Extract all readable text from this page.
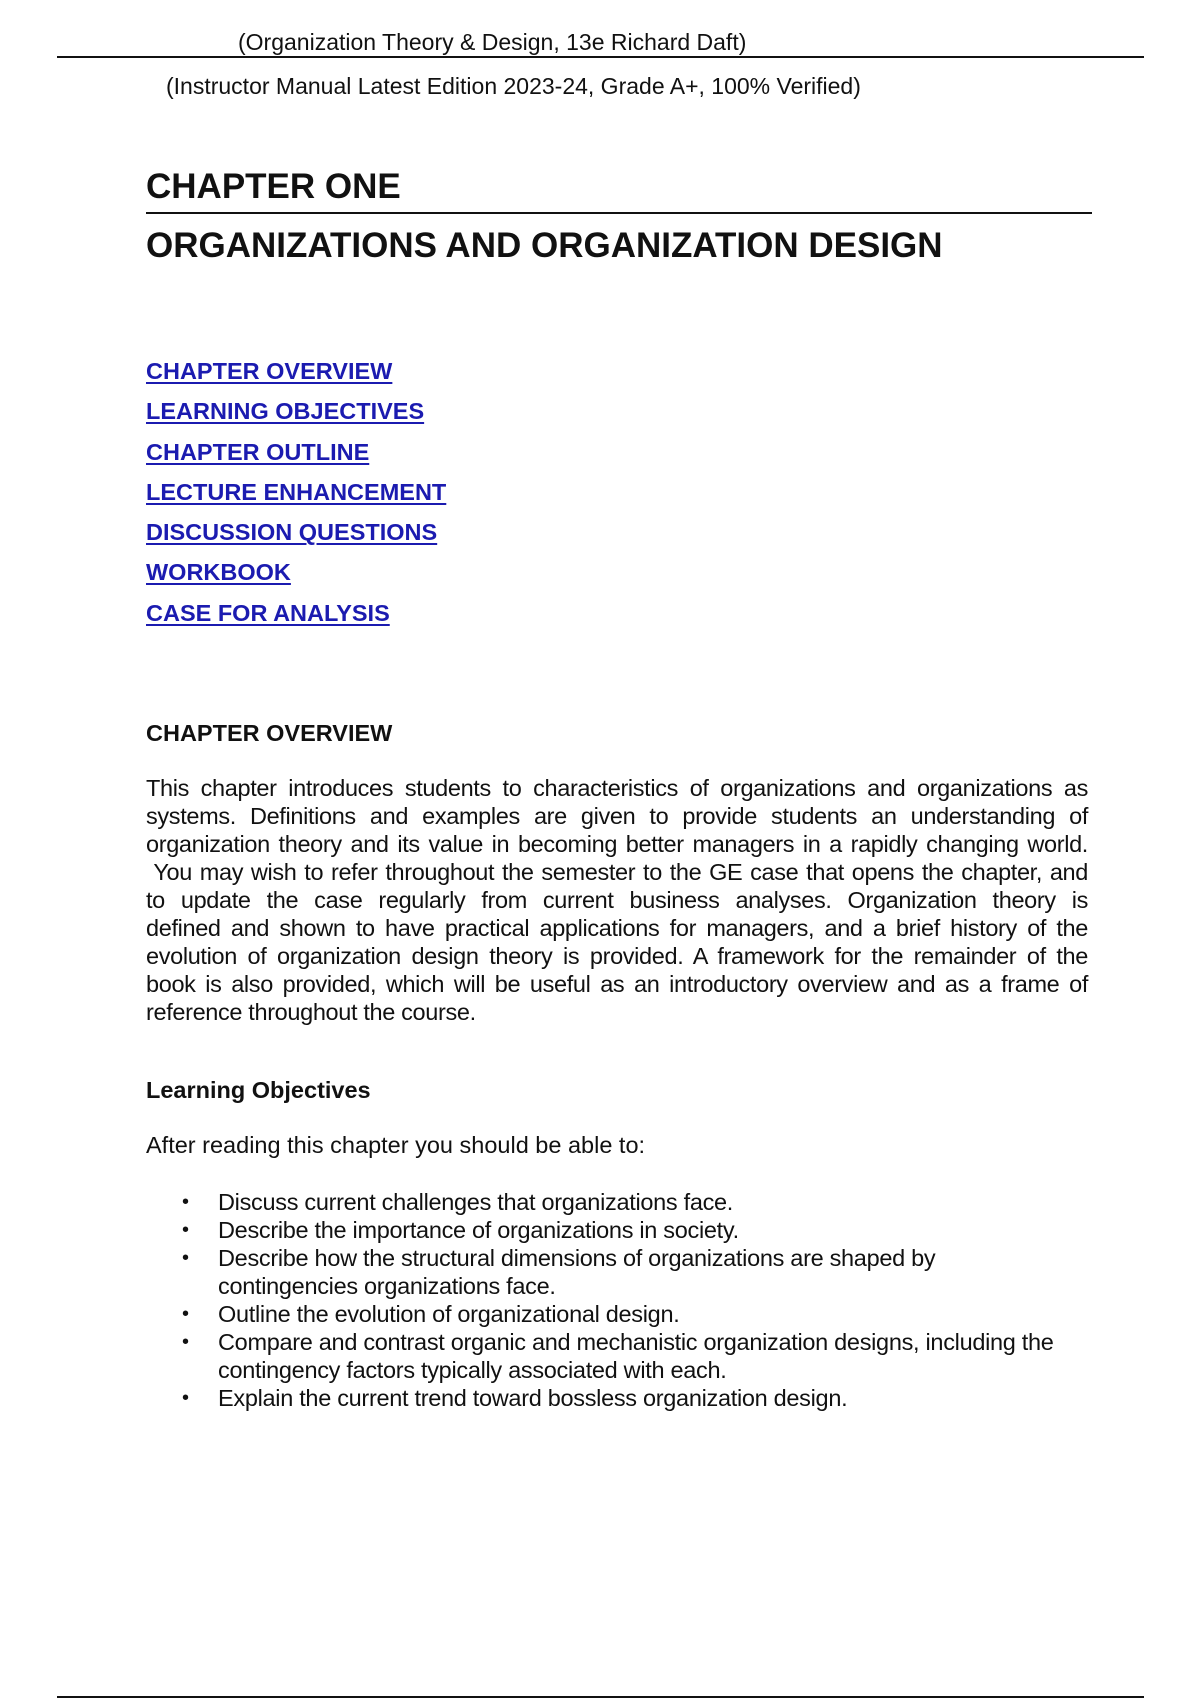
(Organization Theory & Design, 13e Richard Daft)
(Instructor Manual Latest Edition 2023-24, Grade A+, 100% Verified)
CHAPTER ONE
ORGANIZATIONS AND ORGANIZATION DESIGN
CHAPTER OVERVIEW
LEARNING OBJECTIVES
CHAPTER OUTLINE
LECTURE ENHANCEMENT
DISCUSSION QUESTIONS
WORKBOOK
CASE FOR ANALYSIS
CHAPTER OVERVIEW
This chapter introduces students to characteristics of organizations and organizations as
systems. Definitions and examples are given to provide students an understanding of
organization theory and its value in becoming better managers in a rapidly changing world.
You may wish to refer throughout the semester to the GE case that opens the chapter, and
to update the case regularly from current business analyses. Organization theory is
defined and shown to have practical applications for managers, and a brief history of the
evolution of organization design theory is provided. A framework for the remainder of the
book is also provided, which will be useful as an introductory overview and as a frame of
reference throughout the course.
Learning Objectives
After reading this chapter you should be able to:
• Discuss current challenges that organizations face.
• Describe the importance of organizations in society.
• Describe how the structural dimensions of organizations are shaped by
contingencies organizations face.
• Outline the evolution of organizational design.
• Compare and contrast organic and mechanistic organization designs, including the
contingency factors typically associated with each.
• Explain the current trend toward bossless organization design.
